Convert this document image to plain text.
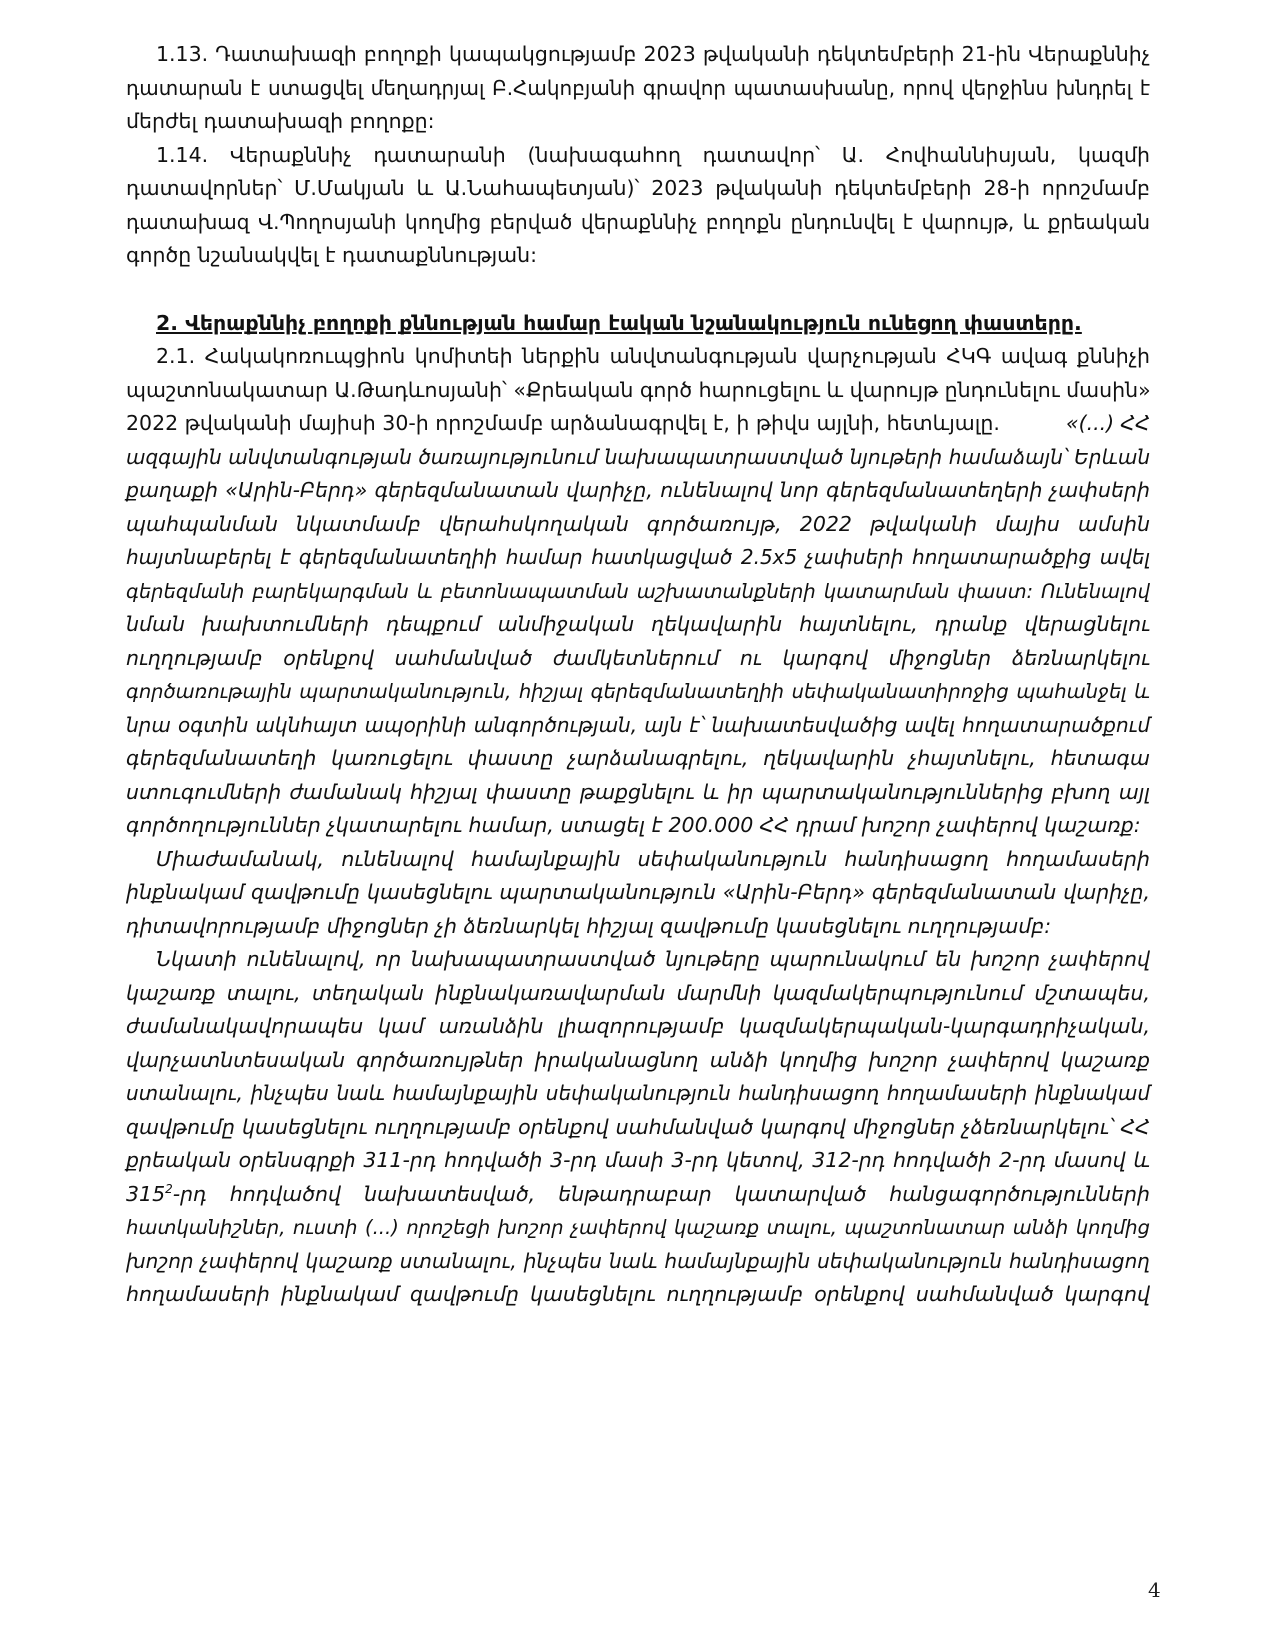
1.13. Դատախազի բողոքի կապակցությամբ 2023 թվականի դեկտեմբերի 21-ին Վերաքննիչ
դատարան է ստացվել մեղադրյալ Բ.Հակոբյանի գրավոր պատասխանը, որով վերջինս խնդրել է
մերժել դատախազի բողոքը:
1.14. Վերաքննիչ դատարանի (նախագահող դատավոր՝ Ա. Հովհաննիսյան, կազմի
դատավորներ՝ Մ.Մակյան և Ա.Նահապետյան)՝ 2023 թվականի դեկտեմբերի 28-ի որոշմամբ
դատախազ Վ.Պողոսյանի կողմից բերված վերաքննիչ բողոքն ընդունվել է վարույթ, և քրեական
գործը նշանակվել է դատաքննության:
2. Վերաքննիչ բողոքի քննության համար էական նշանակություն ունեցող փաստերը.
2.1. Հակակոռուպցիոն կոմիտեի ներքին անվտանգության վարչության ՀԿԳ ավագ քննիչի
պաշտոնակատար Ա.Թադևոսյանի՝ «Քրեական գործ հարուցելու և վարույթ ընդունելու մասին»
2022 թվականի մայիսի 30-ի որոշմամբ արձանագրվել է, ի թիվս այլնի, հետևյալը.	«(...) ՀՀ
ազգային անվտանգության ծառայությունում նախապատրաստված նյութերի համաձայն՝ Երևան
քաղաքի «Արին-Բերդ» գերեզմանատան վարիչը, ունենալով նոր գերեզմանատեղերի չափսերի
պահպանման նկատմամբ վերահսկողական գործառույթ, 2022 թվականի մայիս ամսին
հայտնաբերել է գերեզմանատեղիի համար հատկացված 2.5x5 չափսերի հողատարածքից ավել
գերեզմանի բարեկարգման և բետոնապատման աշխատանքների կատարման փաստ: Ունենալով
նման խախտումների դեպքում անմիջական ղեկավարին հայտնելու, դրանք վերացնելու
ուղղությամբ օրենքով սահմանված ժամկետներում ու կարգով միջոցներ ձեռնարկելու
գործառութային պարտականություն, հիշյալ գերեզմանատեղիի սեփականատիրոջից պահանջել և
նրա օգտին ակնհայտ ապօրինի անգործության, այն է՝ նախատեսվածից ավել հողատարածքում
գերեզմանատեղի կառուցելու փաստը չարձանագրելու, ղեկավարին չհայտնելու, հետագա
ստուգումների ժամանակ հիշյալ փաստը թաքցնելու և իր պարտականություններից բխող այլ
գործողություններ չկատարելու համար, ստացել է 200.000 ՀՀ դրամ խոշոր չափերով կաշառք:
Միաժամանակ, ունենալով համայնքային սեփականություն հանդիսացող հողամասերի
ինքնակամ զավթումը կասեցնելու պարտականություն «Արին-Բերդ» գերեզմանատան վարիչը,
դիտավորությամբ միջոցներ չի ձեռնարկել հիշյալ զավթումը կասեցնելու ուղղությամբ:
Նկատի ունենալով, որ նախապատրաստված նյութերը պարունակում են խոշոր չափերով
կաշառք տալու, տեղական ինքնակառավարման մարմնի կազմակերպությունում մշտապես,
ժամանակավորապես կամ առանձին լիազորությամբ կազմակերպական-կարգադրիչական,
վարչատնտեսական գործառույթներ իրականացնող անձի կողմից խոշոր չափերով կաշառք
ստանալու, ինչպես նաև համայնքային սեփականություն հանդիսացող հողամասերի ինքնակամ
զավթումը կասեցնելու ուղղությամբ օրենքով սահմանված կարգով միջոցներ չձեռնարկելու՝ ՀՀ
քրեական օրենսգրքի 311-րդ հոդվածի 3-րդ մասի 3-րդ կետով, 312-րդ հոդվածի 2-րդ մասով և
$315^2-րդ$ հոդվածով նախատեսված, ենթադրաբար կատարված հանցագործությունների
հատկանիշներ, ուստի (...) որոշեցի խոշոր չափերով կաշառք տալու, պաշտոնատար անձի կողմից
խոշոր չափերով կաշառք ստանալու, ինչպես նաև համայնքային սեփականություն հանդիսացող
հողամասերի ինքնակամ զավթումը կասեցնելու ուղղությամբ օրենքով սահմանված կարգով
4
